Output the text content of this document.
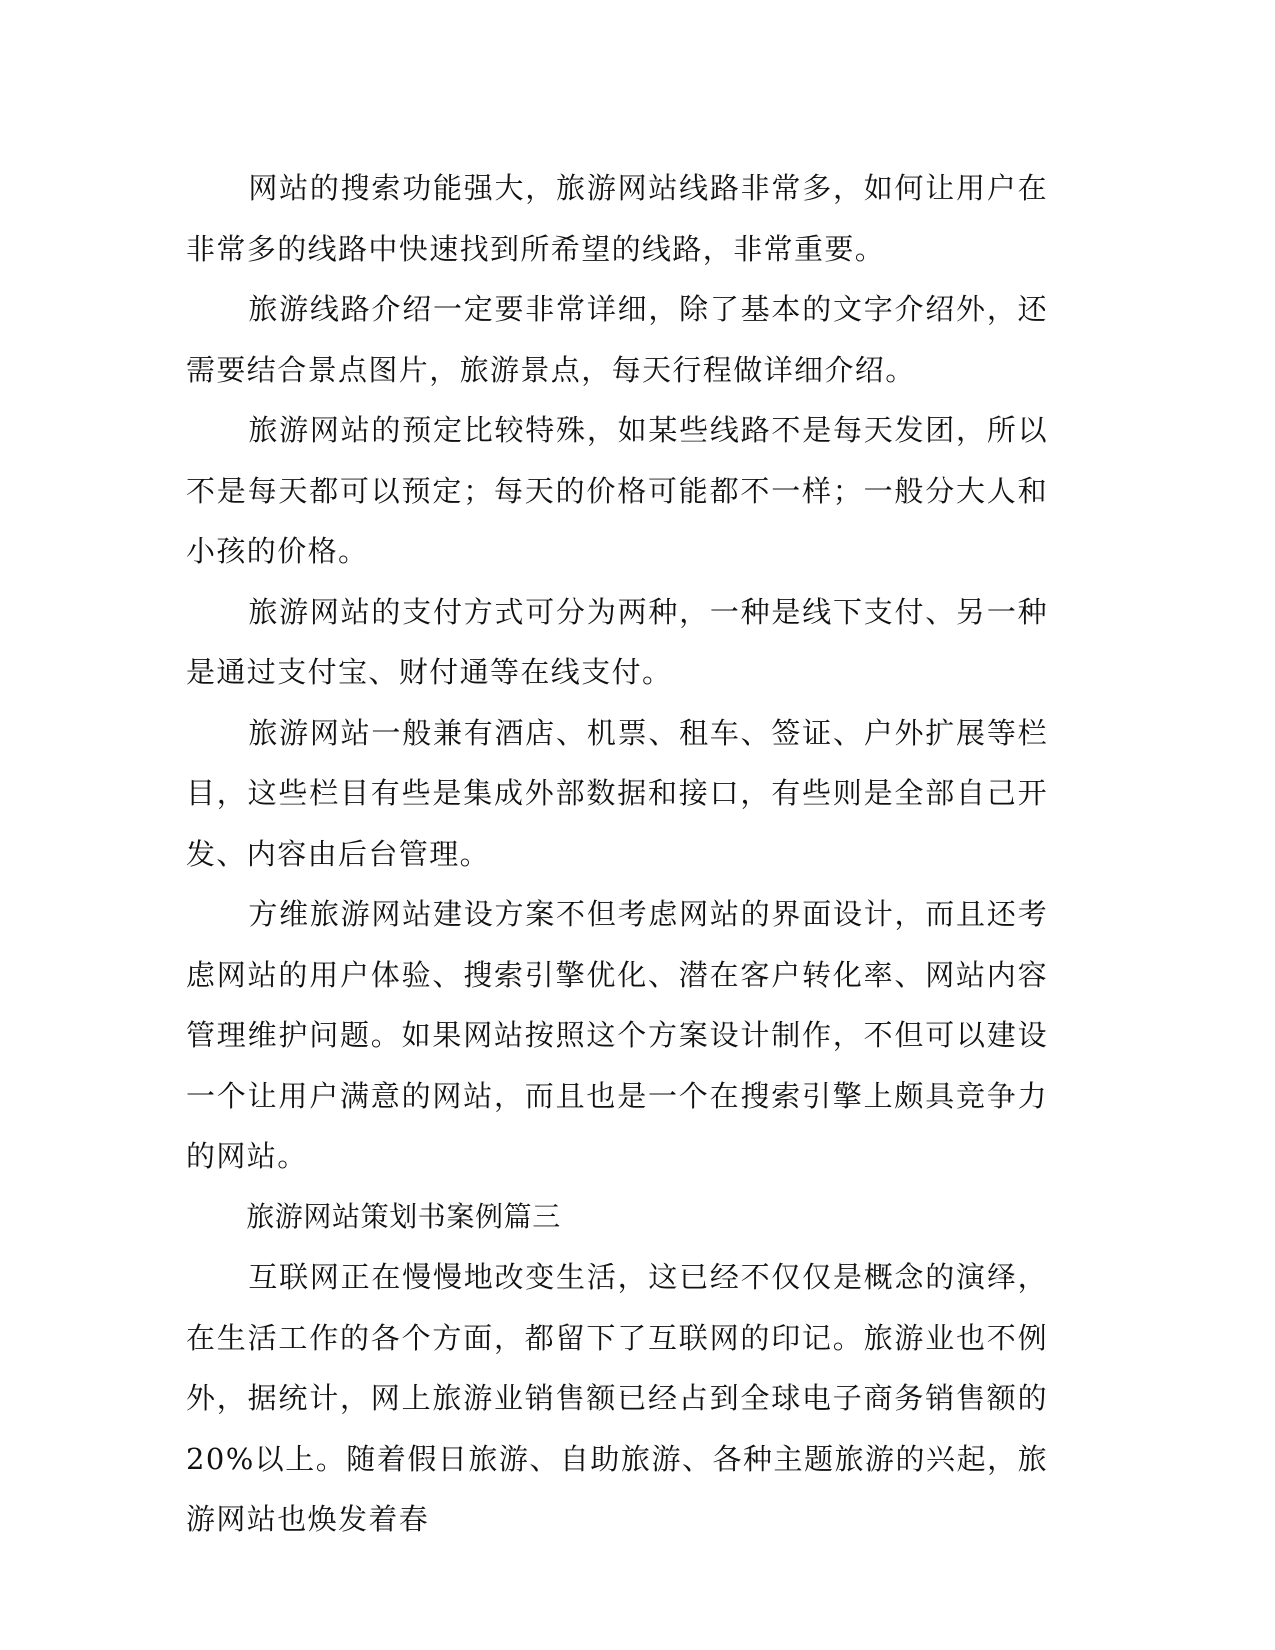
网站的搜索功能强大，旅游网站线路非常多，如何让用户在非常多的线路中快速找到所希望的线路，非常重要。

旅游线路介绍一定要非常详细，除了基本的文字介绍外，还需要结合景点图片，旅游景点，每天行程做详细介绍。

旅游网站的预定比较特殊，如某些线路不是每天发团，所以不是每天都可以预定；每天的价格可能都不一样；一般分大人和小孩的价格。

旅游网站的支付方式可分为两种，一种是线下支付、另一种是通过支付宝、财付通等在线支付。

旅游网站一般兼有酒店、机票、租车、签证、户外扩展等栏目，这些栏目有些是集成外部数据和接口，有些则是全部自己开发、内容由后台管理。

方维旅游网站建设方案不但考虑网站的界面设计，而且还考虑网站的用户体验、搜索引擎优化、潜在客户转化率、网站内容管理维护问题。如果网站按照这个方案设计制作，不但可以建设一个让用户满意的网站，而且也是一个在搜索引擎上颇具竞争力的网站。

旅游网站策划书案例篇三

互联网正在慢慢地改变生活，这已经不仅仅是概念的演绎，在生活工作的各个方面，都留下了互联网的印记。旅游业也不例外，据统计，网上旅游业销售额已经占到全球电子商务销售额的20%以上。随着假日旅游、自助旅游、各种主题旅游的兴起，旅游网站也焕发着春
